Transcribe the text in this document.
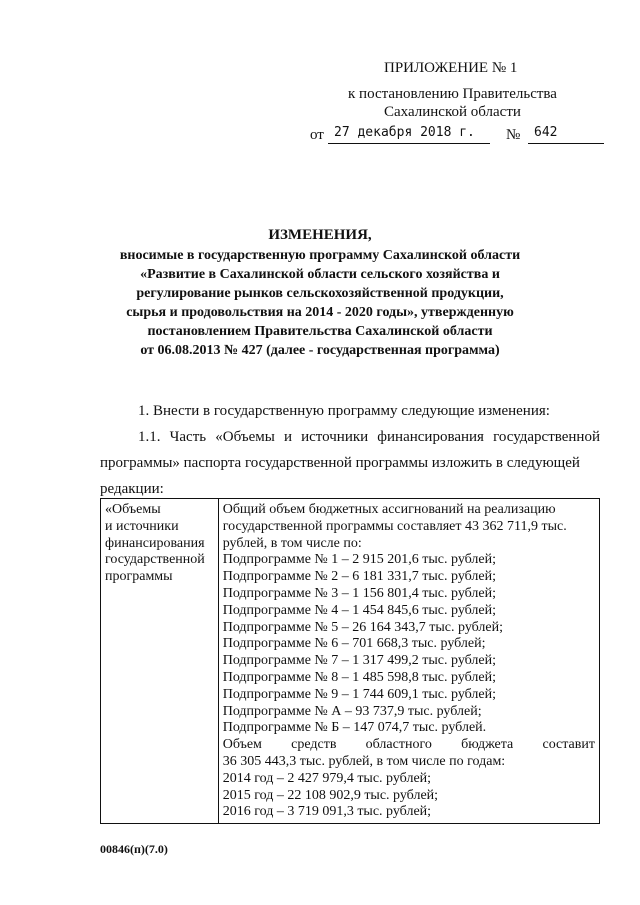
ПРИЛОЖЕНИЕ № 1
к постановлению Правительства
Сахалинской области
от 27 декабря 2018 г.	№	642
ИЗМЕНЕНИЯ,
вносимые в государственную программу Сахалинской области
«Развитие в Сахалинской области сельского хозяйства и
регулирование рынков сельскохозяйственной продукции,
сырья и продовольствия на 2014 - 2020 годы», утвержденную
постановлением Правительства Сахалинской области
от 06.08.2013 № 427 (далее - государственная программа)

1. Внести в государственную программу следующие изменения:

1.1. Часть «Объемы и источники финансирования государственной программы» паспорта государственной программы изложить в следующей
редакции:

«Объемы
и источники
финансирования
государственной
программы

Общий объем бюджетных ассигнований на реализацию
государственной программы составляет 43 362 711,9 тыс.
рублей, в том числе по:
Подпрограмме № 1 – 2 915 201,6 тыс. рублей;
Подпрограмме № 2 – 6 181 331,7 тыс. рублей;
Подпрограмме № 3 – 1 156 801,4 тыс. рублей;
Подпрограмме № 4 – 1 454 845,6 тыс. рублей;
Подпрограмме № 5 – 26 164 343,7 тыс. рублей;
Подпрограмме № 6 – 701 668,3 тыс. рублей;
Подпрограмме № 7 – 1 317 499,2 тыс. рублей;
Подпрограмме № 8 – 1 485 598,8 тыс. рублей;
Подпрограмме № 9 – 1 744 609,1 тыс. рублей;
Подпрограмме № А – 93 737,9 тыс. рублей;
Подпрограмме № Б – 147 074,7 тыс. рублей.
Объем средств областного бюджета составит
36 305 443,3 тыс. рублей, в том числе по годам:
2014 год – 2 427 979,4 тыс. рублей;
2015 год – 22 108 902,9 тыс. рублей;
2016 год – 3 719 091,3 тыс. рублей;
00846(п)(7.0)
